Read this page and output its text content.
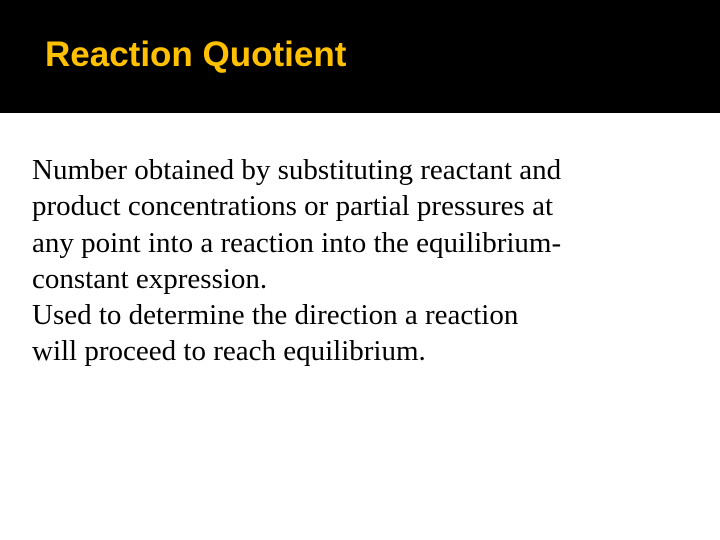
Reaction Quotient

Number obtained by substituting reactant and

product concentrations or partial pressures at

any point into a reaction into the equilibrium-

constant expression.

Used to determine the direction a reaction

will proceed to reach equilibrium.
